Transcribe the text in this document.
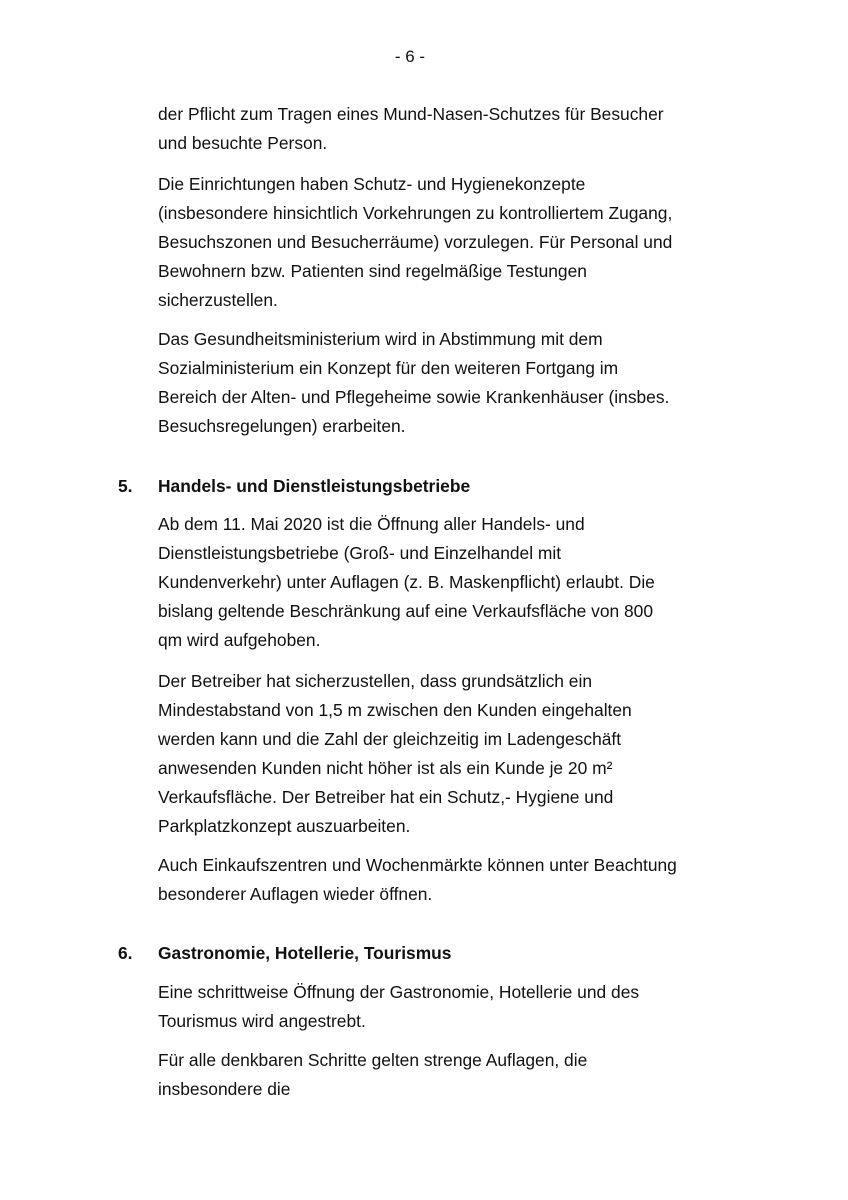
- 6 -
der Pflicht zum Tragen eines Mund-Nasen-Schutzes für Besucher
und besuchte Person.
Die Einrichtungen haben Schutz- und Hygienekonzepte
(insbesondere hinsichtlich Vorkehrungen zu kontrolliertem Zugang,
Besuchszonen und Besucherräume) vorzulegen. Für Personal und
Bewohnern bzw. Patienten sind regelmäßige Testungen
sicherzustellen.
Das Gesundheitsministerium wird in Abstimmung mit dem
Sozialministerium ein Konzept für den weiteren Fortgang im
Bereich der Alten- und Pflegeheime sowie Krankenhäuser (insbes.
Besuchsregelungen) erarbeiten.
5. Handels- und Dienstleistungsbetriebe
Ab dem 11. Mai 2020 ist die Öffnung aller Handels- und
Dienstleistungsbetriebe (Groß- und Einzelhandel mit
Kundenverkehr) unter Auflagen (z. B. Maskenpflicht) erlaubt. Die
bislang geltende Beschränkung auf eine Verkaufsfläche von 800
qm wird aufgehoben.
Der Betreiber hat sicherzustellen, dass grundsätzlich ein
Mindestabstand von 1,5 m zwischen den Kunden eingehalten
werden kann und die Zahl der gleichzeitig im Ladengeschäft
anwesenden Kunden nicht höher ist als ein Kunde je 20 m²
Verkaufsfläche. Der Betreiber hat ein Schutz,- Hygiene und
Parkplatzkonzept auszuarbeiten.
Auch Einkaufszentren und Wochenmärkte können unter Beachtung
besonderer Auflagen wieder öffnen.
6. Gastronomie, Hotellerie, Tourismus
Eine schrittweise Öffnung der Gastronomie, Hotellerie und des
Tourismus wird angestrebt.
Für alle denkbaren Schritte gelten strenge Auflagen, die
insbesondere die
